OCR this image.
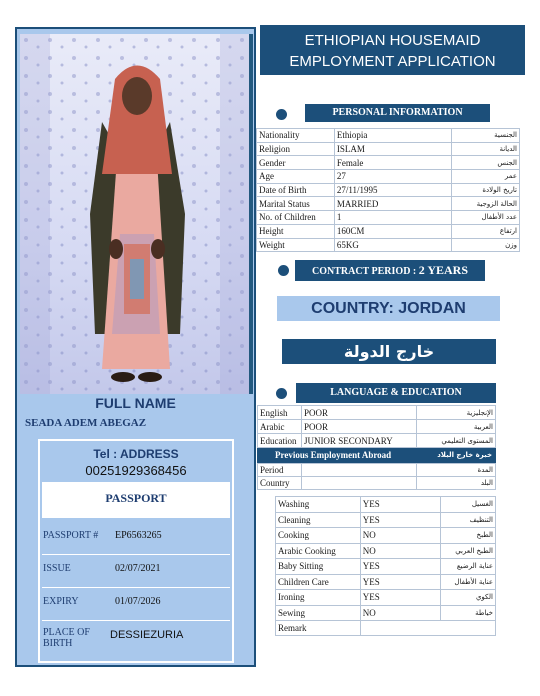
FULL NAME
SEADA ADEM ABEGAZ
Tel : ADDRESS
00251929368456
PASSPORT
PASSPORT # EP6563265
ISSUE	02/07/2021
EXPIRY	01/07/2026
PLACE OF
BIRTH
DESSIEZURIA
ETHIOPIAN HOUSEMAID
EMPLOYMENT APPLICATION
PERSONAL INFORMATION
Nationality	Ethiopia	الجنسية
Religion	ISLAM	الديانة
Gender	Female	الجنس
Age	27	عمر
Date of Birth	27/11/1995	تاريخ الولادة
Marital Status	MARRIED	الحالة الزوجية
No. of Children	1	عدد الأطفال
Height	160CM	ارتفاع
Weight	65KG	وزن
CONTRACT PERIOD : 2 YEARS
COUNTRY: JORDAN
خارج الدولة
LANGUAGE & EDUCATION
English	POOR	الإنجليزية
Arabic	POOR	العربية
Education	JUNIOR SECONDARY	المستوى التعليمي
Previous Employment Abroad	خبرة خارج البلاد
Period		المدة
Country		البلد
Washing	YES	الغسيل
Cleaning	YES	التنظيف
Cooking	NO	الطبخ
Arabic Cooking	NO	الطبخ العربي
Baby Sitting	YES	عناية الرضيع
Children Care	YES	عناية الأطفال
Ironing	YES	الكوي
Sewing	NO	خياطة
Remark		
